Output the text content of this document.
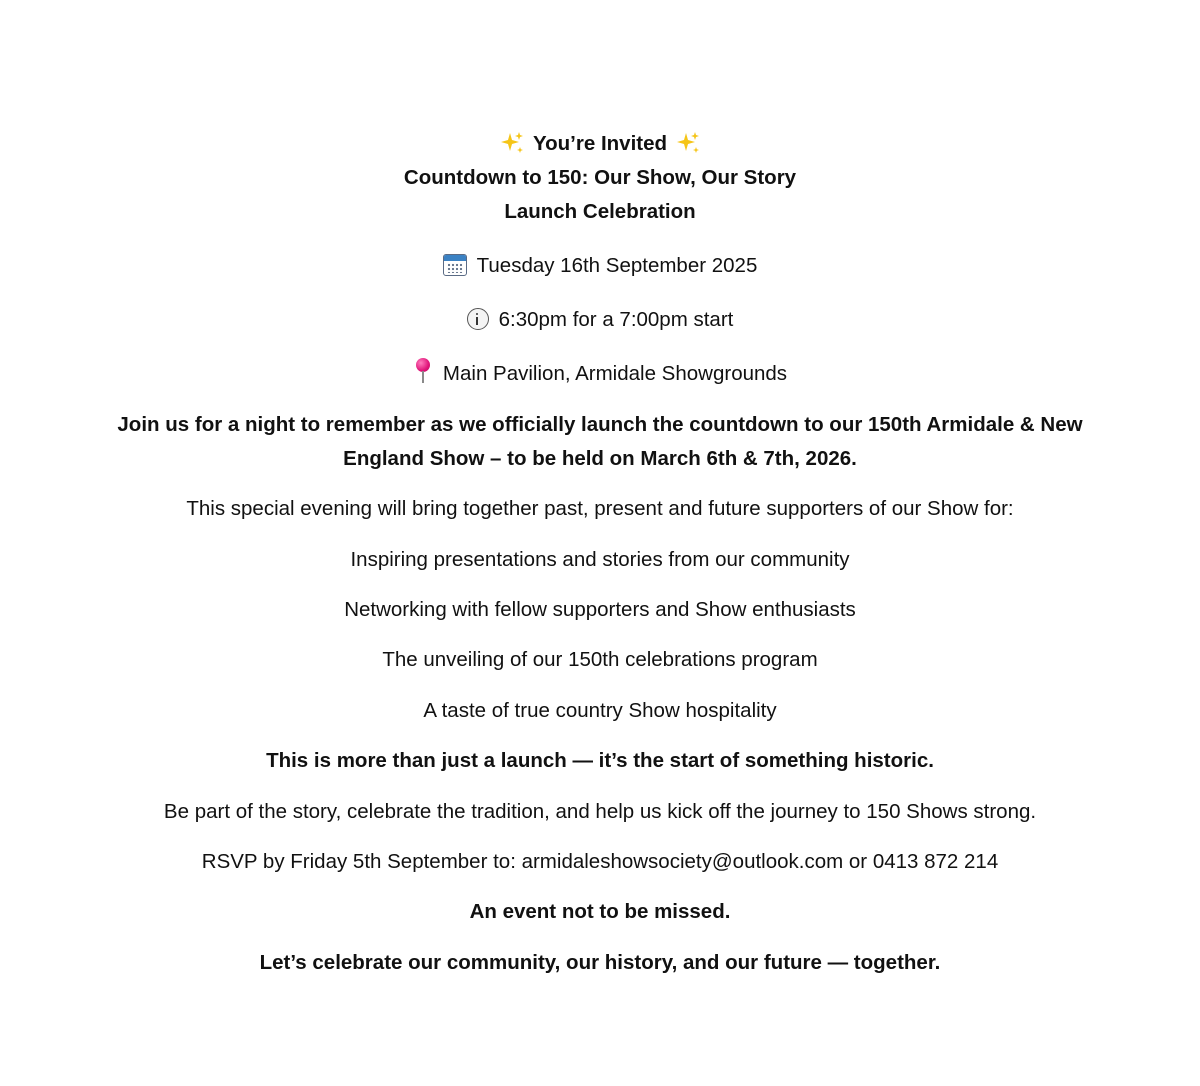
You’re Invited
Countdown to 150: Our Show, Our Story
Launch Celebration
Tuesday 16th September 2025
6:30pm for a 7:00pm start
Main Pavilion, Armidale Showgrounds
Join us for a night to remember as we officially launch the countdown to our 150th Armidale & New England Show – to be held on March 6th & 7th, 2026.
This special evening will bring together past, present and future supporters of our Show for:
Inspiring presentations and stories from our community
Networking with fellow supporters and Show enthusiasts
The unveiling of our 150th celebrations program
A taste of true country Show hospitality
This is more than just a launch — it’s the start of something historic.
Be part of the story, celebrate the tradition, and help us kick off the journey to 150 Shows strong.
RSVP by Friday 5th September to: armidaleshowsociety@outlook.com or 0413 872 214
An event not to be missed.
Let’s celebrate our community, our history, and our future — together.
